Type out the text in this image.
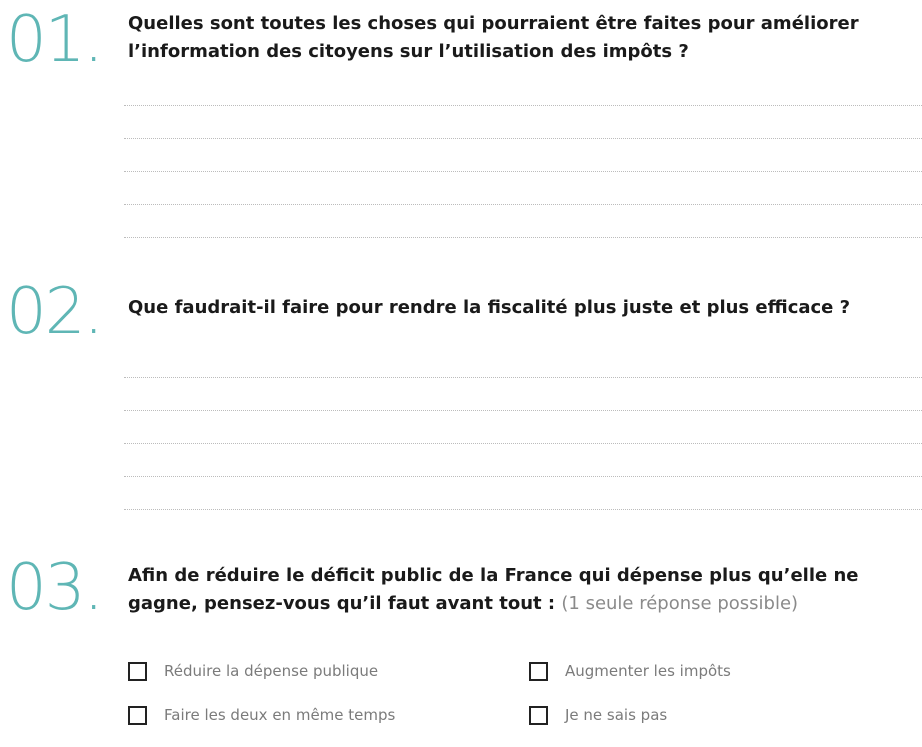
01. Quelles sont toutes les choses qui pourraient être faites pour améliorer l’information des citoyens sur l’utilisation des impôts ?
02. Que faudrait-il faire pour rendre la fiscalité plus juste et plus efficace ?
03. Afin de réduire le déficit public de la France qui dépense plus qu’elle ne gagne, pensez-vous qu’il faut avant tout : (1 seule réponse possible)
Réduire la dépense publique	Augmenter les impôts
Faire les deux en même temps	Je ne sais pas
